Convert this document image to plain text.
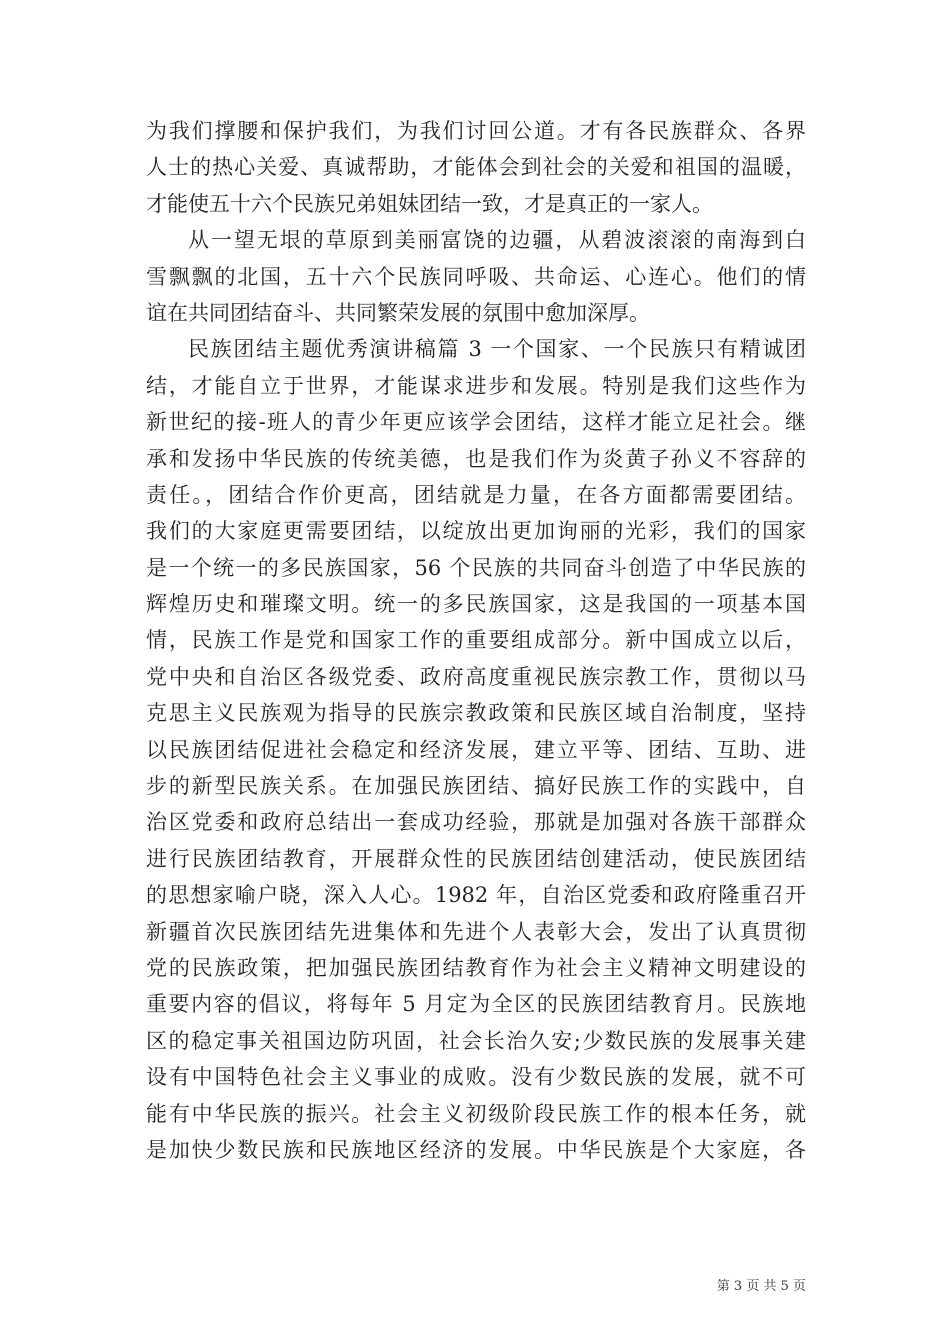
为我们撑腰和保护我们，为我们讨回公道。才有各民族群众、各界
人士的热心关爱、真诚帮助，才能体会到社会的关爱和祖国的温暖，
才能使五十六个民族兄弟姐妹团结一致，才是真正的一家人。
从一望无垠的草原到美丽富饶的边疆，从碧波滚滚的南海到白
雪飘飘的北国，五十六个民族同呼吸、共命运、心连心。他们的情
谊在共同团结奋斗、共同繁荣发展的氛围中愈加深厚。
民族团结主题优秀演讲稿篇 3 一个国家、一个民族只有精诚团
结，才能自立于世界，才能谋求进步和发展。特别是我们这些作为
新世纪的接-班人的青少年更应该学会团结，这样才能立足社会。继
承和发扬中华民族的传统美德，也是我们作为炎黄子孙义不容辞的
责任。，团结合作价更高，团结就是力量，在各方面都需要团结。
我们的大家庭更需要团结，以绽放出更加询丽的光彩，我们的国家
是一个统一的多民族国家，56 个民族的共同奋斗创造了中华民族的
辉煌历史和璀璨文明。统一的多民族国家，这是我国的一项基本国
情，民族工作是党和国家工作的重要组成部分。新中国成立以后，
党中央和自治区各级党委、政府高度重视民族宗教工作，贯彻以马
克思主义民族观为指导的民族宗教政策和民族区域自治制度，坚持
以民族团结促进社会稳定和经济发展，建立平等、团结、互助、进
步的新型民族关系。在加强民族团结、搞好民族工作的实践中，自
治区党委和政府总结出一套成功经验，那就是加强对各族干部群众
进行民族团结教育，开展群众性的民族团结创建活动，使民族团结
的思想家喻户晓，深入人心。1982 年，自治区党委和政府隆重召开
新疆首次民族团结先进集体和先进个人表彰大会，发出了认真贯彻
党的民族政策，把加强民族团结教育作为社会主义精神文明建设的
重要内容的倡议，将每年 5 月定为全区的民族团结教育月。民族地
区的稳定事关祖国边防巩固，社会长治久安;少数民族的发展事关建
设有中国特色社会主义事业的成败。没有少数民族的发展，就不可
能有中华民族的振兴。社会主义初级阶段民族工作的根本任务，就
是加快少数民族和民族地区经济的发展。中华民族是个大家庭，各
第 3 页 共 5 页
